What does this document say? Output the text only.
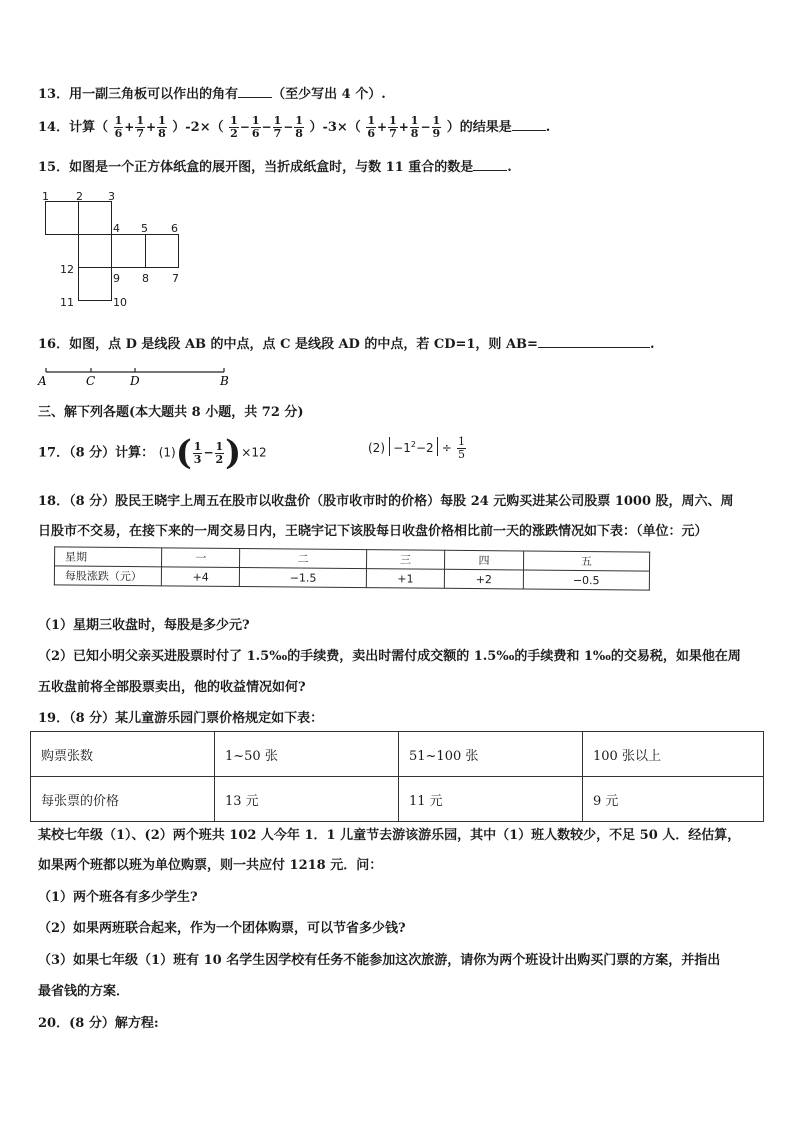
13．用一副三角板可以作出的角有	（至少写出 4 个）.
14．计算（ $\frac{1}{6} + \frac{1}{7} + \frac{1}{8} )-2\times( \frac{1}{2} - \frac{1}{6} - \frac{1}{7} - \frac{1}{8} )-3\times( \frac{1}{6} + \frac{1}{7} + \frac{1}{8} - \frac{1}{9}$ ）的结果是	.
15．如图是一个正方体纸盒的展开图，当折成纸盒时，与数 11 重合的数是	.
1 2 3
4 5 6
12
9 8 7
11	10
16．如图，点 D 是线段 AB 的中点，点 C 是线段 AD 的中点，若 CD=1，则 AB=	.
A	C	D	B
三、解下列各题(本大题共 8 小题，共 72 分)
17．（8 分）计算： $(1)( \frac{1}{3} - \frac{1}{2} )\times 12$	$(2) -1^2-2 \div \frac{1}{5}$
18．（8 分）股民王晓宇上周五在股市以收盘价（股市收市时的价格）每股 24 元购买进某公司股票 1000 股，周六、周
日股市不交易，在接下来的一周交易日内，王晓宇记下该股每日收盘价格相比前一天的涨跌情况如下表：（单位：元）
星期	一	二	三	四	五
每股涨跌（元）	+4	−1.5	+1	+2	−0.5
（1）星期三收盘时，每股是多少元?
（2）已知小明父亲买进股票时付了 1.5‰的手续费，卖出时需付成交额的 1.5‰的手续费和 1‰的交易税，如果他在周
五收盘前将全部股票卖出，他的收益情况如何?
19．（8 分）某儿童游乐园门票价格规定如下表：
购票张数	1~50 张	51~100 张	100 张以上
每张票的价格	13 元	11 元	9 元
某校七年级（1）、(2）两个班共 102 人今年 1．1 儿童节去游该游乐园，其中（1）班人数较少，不足 50 人．经估算，
如果两个班都以班为单位购票，则一共应付 1218 元．问：
（1）两个班各有多少学生?
（2）如果两班联合起来，作为一个团体购票，可以节省多少钱?
（3）如果七年级（1）班有 10 名学生因学校有任务不能参加这次旅游，请你为两个班设计出购买门票的方案，并指出
最省钱的方案．
20．(8 分）解方程:
